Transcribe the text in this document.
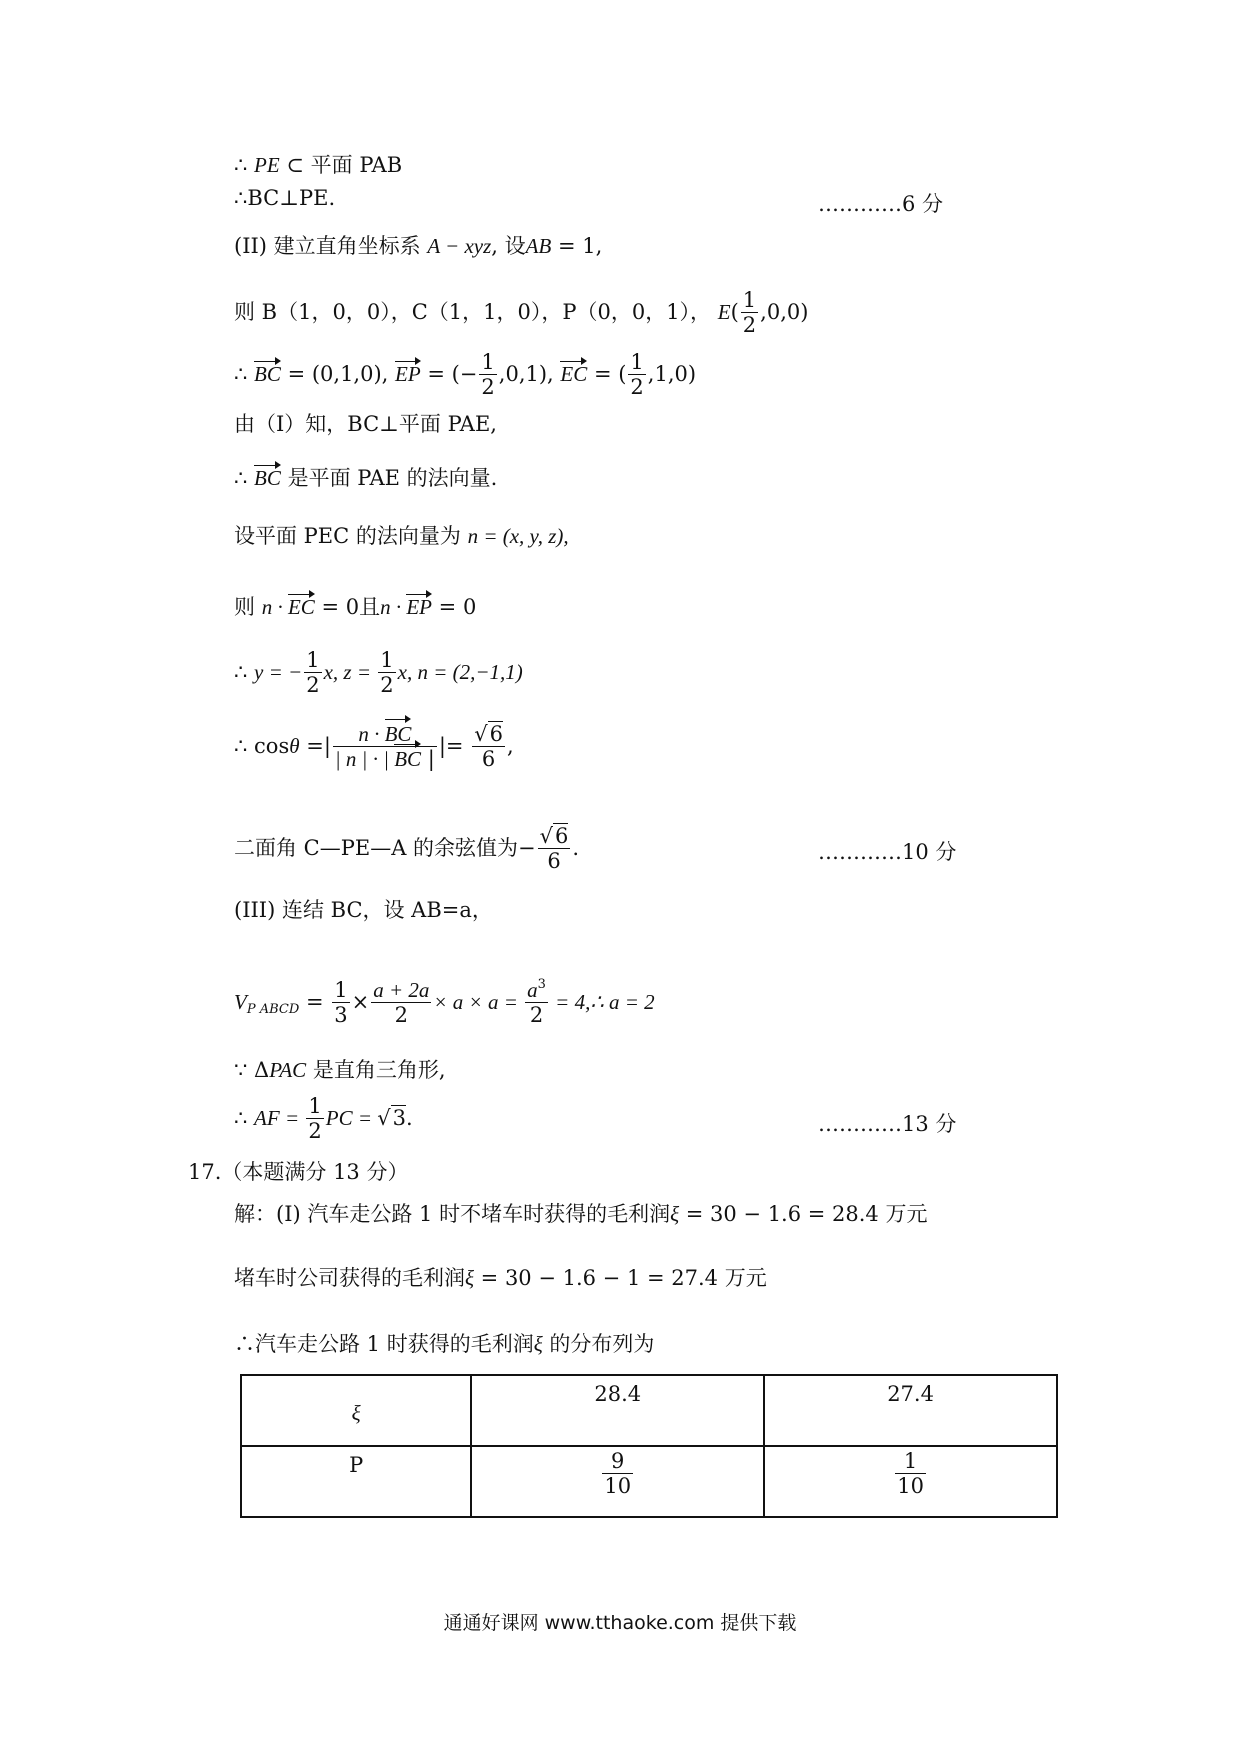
∴ PE ⊂ 平面 PAB
∴BC⊥PE.	…………6 分
(II) 建立直角坐标系 A − xyz, 设AB = 1,
则 B（1，0，0），C（1，1，0），P（0，0，1）， $E( \frac{1}{2} ,0,0)$
∴ BC = (0,1,0), EP = (− $\frac{1}{2} ,0,1$), EC = ( $\frac{1}{2} ,1,0$)
由（I）知，BC⊥平面 PAE,
∴ BC 是平面 PAE 的法向量.
设平面 PEC 的法向量为 n = (x, y, z),
则 n · EC = 0且n · EP = 0
∴ y = − $\frac{1}{2} x$, $z = \frac{1}{2} x$, n = (2,−1,1)
∴ cosθ =| $\frac{n \cdot BC}{| n | \cdot | BC |}$ |= $\frac{√6}{6}$ ,
二面角 C—PE—A 的余弦值为− $\frac{√6}{6}$ .	…………10 分
(III) 连结 BC，设 AB=a，
$V_{P ABCD} = \frac{1}{3} \times \frac{a + 2a}{2} \times a \times a = \frac{a^3}{2}$ = 4,∴ a = 2
∵ ΔPAC 是直角三角形,
∴ AF = $\frac{1}{2}$ PC = √3.	…………13 分
17.（本题满分 13 分）
解：(I) 汽车走公路 1 时不堵车时获得的毛利润ξ = 30 − 1.6 = 28.4 万元
堵车时公司获得的毛利润ξ = 30 − 1.6 − 1 = 27.4 万元
∴汽车走公路 1 时获得的毛利润ξ 的分布列为
ξ	28.4	27.4
P	$\frac{9}{10}$	$\frac{1}{10}$
通通好课网 www.tthaoke.com 提供下载
